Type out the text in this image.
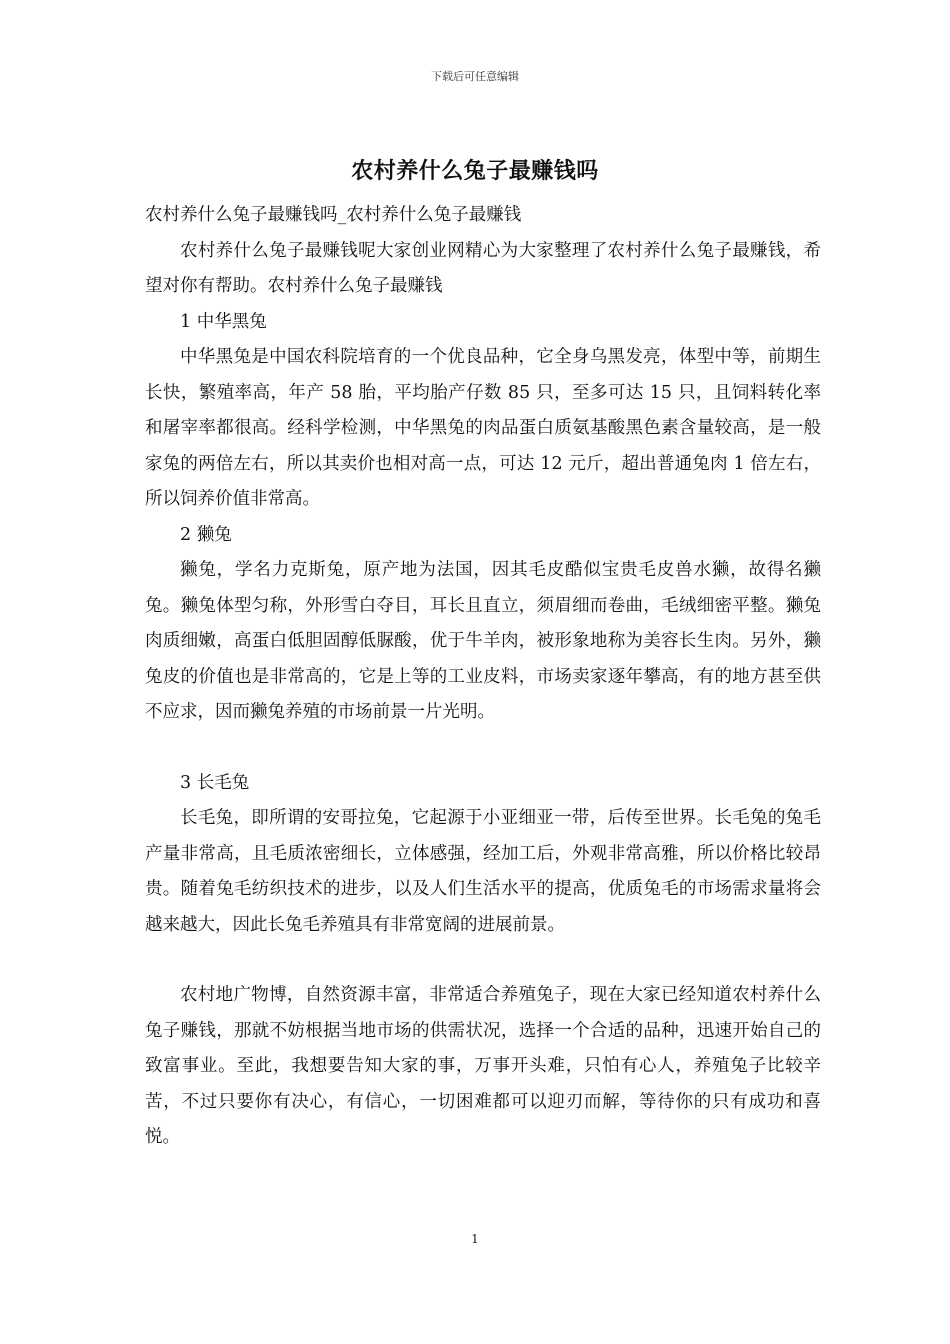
下载后可任意编辑
农村养什么兔子最赚钱吗

农村养什么兔子最赚钱吗_农村养什么兔子最赚钱

农村养什么兔子最赚钱呢大家创业网精心为大家整理了农村养什么兔子最赚钱，希望对你有帮助。农村养什么兔子最赚钱

1 中华黑兔

中华黑兔是中国农科院培育的一个优良品种，它全身乌黑发亮，体型中等，前期生长快，繁殖率高，年产 58 胎，平均胎产仔数 85 只，至多可达 15 只，且饲料转化率和屠宰率都很高。经科学检测，中华黑兔的肉品蛋白质氨基酸黑色素含量较高，是一般家兔的两倍左右，所以其卖价也相对高一点，可达 12 元斤，超出普通兔肉 1 倍左右，所以饲养价值非常高。

2 獭兔

獭兔，学名力克斯兔，原产地为法国，因其毛皮酷似宝贵毛皮兽水獭，故得名獭兔。獭兔体型匀称，外形雪白夺目，耳长且直立，须眉细而卷曲，毛绒细密平整。獭兔肉质细嫩，高蛋白低胆固醇低脲酸，优于牛羊肉，被形象地称为美容长生肉。另外，獭兔皮的价值也是非常高的，它是上等的工业皮料，市场卖家逐年攀高，有的地方甚至供不应求，因而獭兔养殖的市场前景一片光明。

3 长毛兔

长毛兔，即所谓的安哥拉兔，它起源于小亚细亚一带，后传至世界。长毛兔的兔毛产量非常高，且毛质浓密细长，立体感强，经加工后，外观非常高雅，所以价格比较昂贵。随着兔毛纺织技术的进步，以及人们生活水平的提高，优质兔毛的市场需求量将会越来越大，因此长兔毛养殖具有非常宽阔的进展前景。

农村地广物博，自然资源丰富，非常适合养殖兔子，现在大家已经知道农村养什么兔子赚钱，那就不妨根据当地市场的供需状况，选择一个合适的品种，迅速开始自己的致富事业。至此，我想要告知大家的事，万事开头难，只怕有心人，养殖兔子比较辛苦，不过只要你有决心，有信心，一切困难都可以迎刃而解，等待你的只有成功和喜悦。

1
